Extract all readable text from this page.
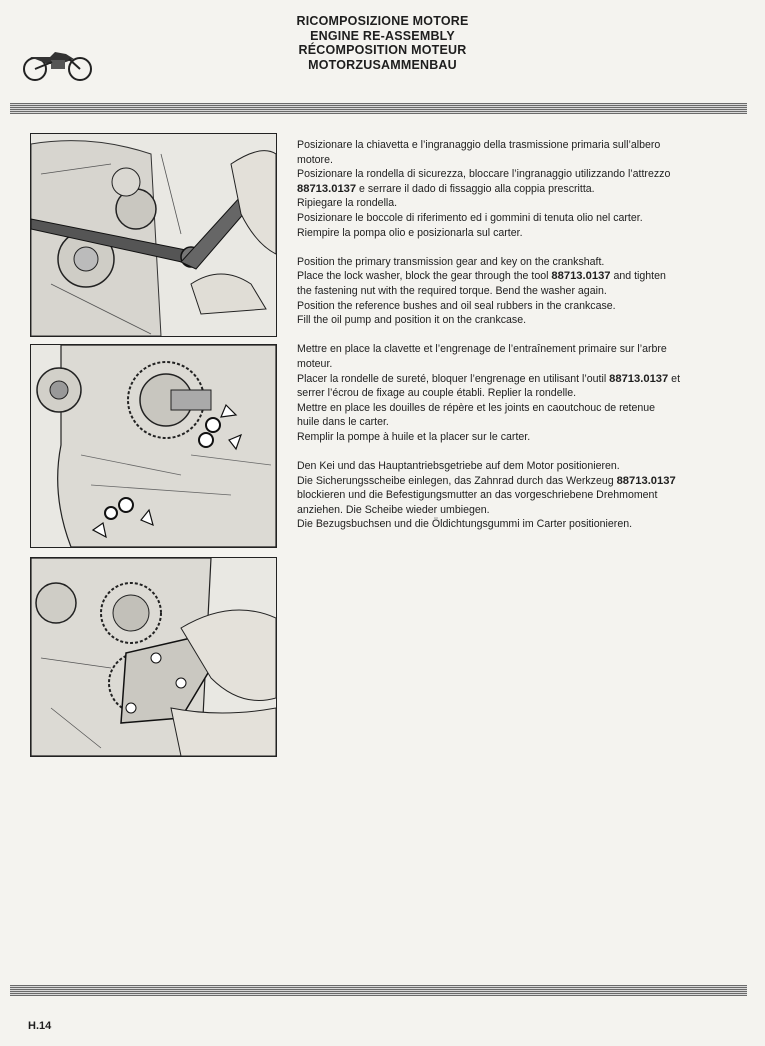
RICOMPOSIZIONE MOTORE
ENGINE RE-ASSEMBLY
RÉCOMPOSITION MOTEUR
MOTORZUSAMMENBAU

Posizionare la chiavetta e l’ingranaggio della trasmissione primaria sull’albero motore.
Posizionare la rondella di sicurezza, bloccare l’ingranaggio utilizzando l’attrezzo 88713.0137 e serrare il dado di fissaggio alla coppia prescritta.
Ripiegare la rondella.
Posizionare le boccole di riferimento ed i gommini di tenuta olio nel carter.
Riempire la pompa olio e posizionarla sul carter.

Position the primary transmission gear and key on the crankshaft.
Place the lock washer, block the gear through the tool 88713.0137 and tighten the fastening nut with the required torque. Bend the washer again.
Position the reference bushes and oil seal rubbers in the crankcase.
Fill the oil pump and position it on the crankcase.

Mettre en place la clavette et l’engrenage de l’entraînement primaire sur l’arbre moteur.
Placer la rondelle de sureté, bloquer l’engrenage en utilisant l’outil 88713.0137 et serrer l’écrou de fixage au couple établi. Replier la rondelle.
Mettre en place les douilles de répère et les joints en caoutchouc de retenue huile dans le carter.
Remplir la pompe à huile et la placer sur le carter.

Den Kei und das Hauptantriebsgetriebe auf dem Motor positionieren.
Die Sicherungsscheibe einlegen, das Zahnrad durch das Werkzeug 88713.0137 blockieren und die Befestigungsmutter an das vorgeschriebene Drehmoment anziehen. Die Scheibe wieder umbiegen.
Die Bezugsbuchsen und die Öldichtungsgummi im Carter positionieren.

H.14
